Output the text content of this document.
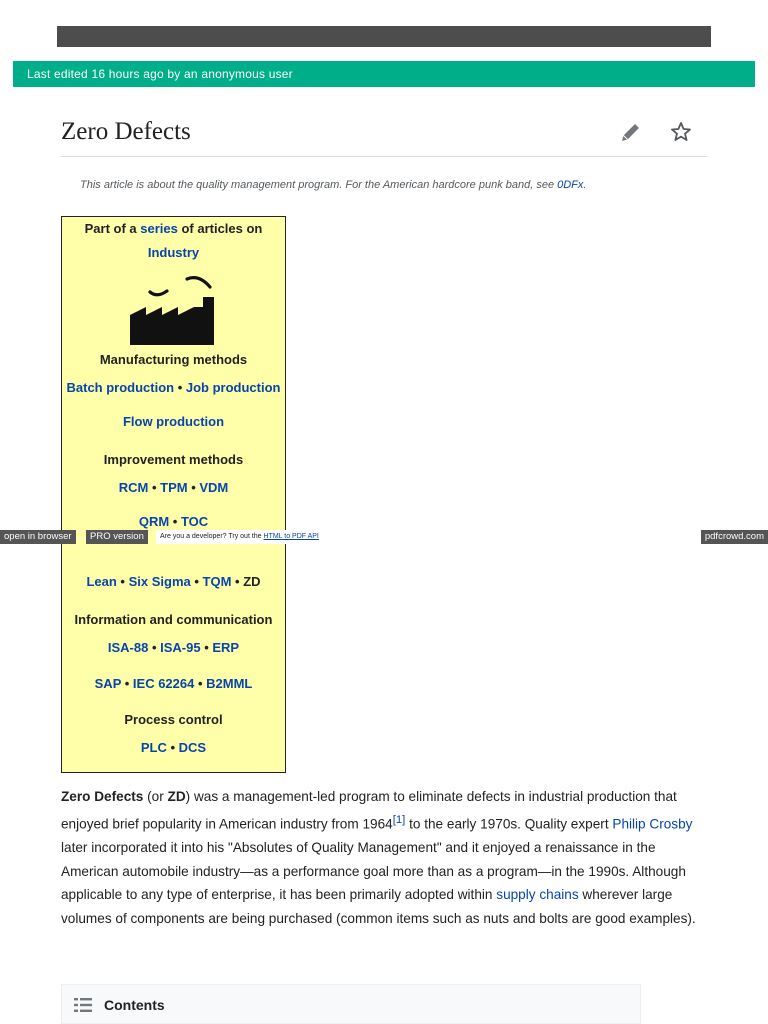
Last edited 16 hours ago by an anonymous user
Zero Defects
This article is about the quality management program. For the American hardcore punk band, see 0DFx.
Part of a series of articles on
Industry
Manufacturing methods
Batch production • Job production
Flow production
Improvement methods
RCM • TPM • VDM
QRM • TOC
Lean • Six Sigma • TQM • ZD
Information and communication
ISA-88 • ISA-95 • ERP
SAP • IEC 62264 • B2MML
Process control
PLC • DCS
open in browser	PRO version	Are you a developer? Try out the HTML to PDF API	pdfcrowd.com

Zero Defects (or ZD) was a management-led program to eliminate defects in industrial production that enjoyed brief popularity in American industry from 1964[1] to the early 1970s. Quality expert Philip Crosby later incorporated it into his "Absolutes of Quality Management" and it enjoyed a renaissance in the American automobile industry—as a performance goal more than as a program—in the 1990s. Although applicable to any type of enterprise, it has been primarily adopted within supply chains wherever large volumes of components are being purchased (common items such as nuts and bolts are good examples).

Contents
